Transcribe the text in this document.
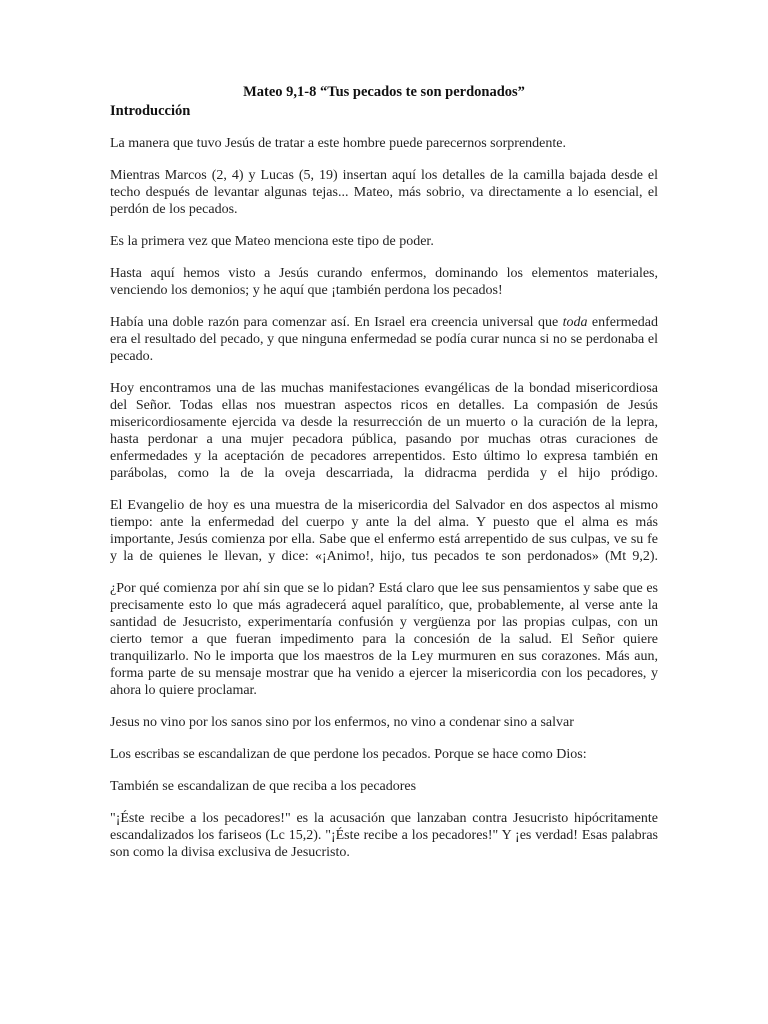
Mateo 9,1-8 “Tus pecados te son perdonados”
Introducción

La manera que tuvo Jesús de tratar a este hombre puede parecernos sorprendente.

Mientras Marcos (2, 4) y Lucas (5, 19) insertan aquí los detalles de la camilla bajada desde el techo después de levantar algunas tejas... Mateo, más sobrio, va directamente a lo esencial, el perdón de los pecados.

Es la primera vez que Mateo menciona este tipo de poder.

Hasta aquí hemos visto a Jesús curando enfermos, dominando los elementos materiales, venciendo los demonios; y he aquí que ¡también perdona los pecados!

Había una doble razón para comenzar así. En Israel era creencia universal que toda enfermedad era el resultado del pecado, y que ninguna enfermedad se podía curar nunca si no se perdonaba el pecado.

Hoy encontramos una de las muchas manifestaciones evangélicas de la bondad misericordiosa del Señor. Todas ellas nos muestran aspectos ricos en detalles. La compasión de Jesús misericordiosamente ejercida va desde la resurrección de un muerto o la curación de la lepra, hasta perdonar a una mujer pecadora pública, pasando por muchas otras curaciones de enfermedades y la aceptación de pecadores arrepentidos. Esto último lo expresa también en parábolas, como la de la oveja descarriada, la didracma perdida y el hijo pródigo.

El Evangelio de hoy es una muestra de la misericordia del Salvador en dos aspectos al mismo tiempo: ante la enfermedad del cuerpo y ante la del alma. Y puesto que el alma es más importante, Jesús comienza por ella. Sabe que el enfermo está arrepentido de sus culpas, ve su fe y la de quienes le llevan, y dice: «¡Animo!, hijo, tus pecados te son perdonados» (Mt 9,2).

¿Por qué comienza por ahí sin que se lo pidan? Está claro que lee sus pensamientos y sabe que es precisamente esto lo que más agradecerá aquel paralítico, que, probablemente, al verse ante la santidad de Jesucristo, experimentaría confusión y vergüenza por las propias culpas, con un cierto temor a que fueran impedimento para la concesión de la salud. El Señor quiere tranquilizarlo. No le importa que los maestros de la Ley murmuren en sus corazones. Más aun, forma parte de su mensaje mostrar que ha venido a ejercer la misericordia con los pecadores, y ahora lo quiere proclamar.

Jesus no vino por los sanos sino por los enfermos, no vino a condenar sino a salvar

Los escribas se escandalizan de que perdone los pecados. Porque se hace como Dios:

También se escandalizan de que reciba a los pecadores

"¡Éste recibe a los pecadores!" es la acusación que lanzaban contra Jesucristo hipócritamente escandalizados los fariseos (Lc 15,2). "¡Éste recibe a los pecadores!" Y ¡es verdad! Esas palabras son como la divisa exclusiva de Jesucristo.
